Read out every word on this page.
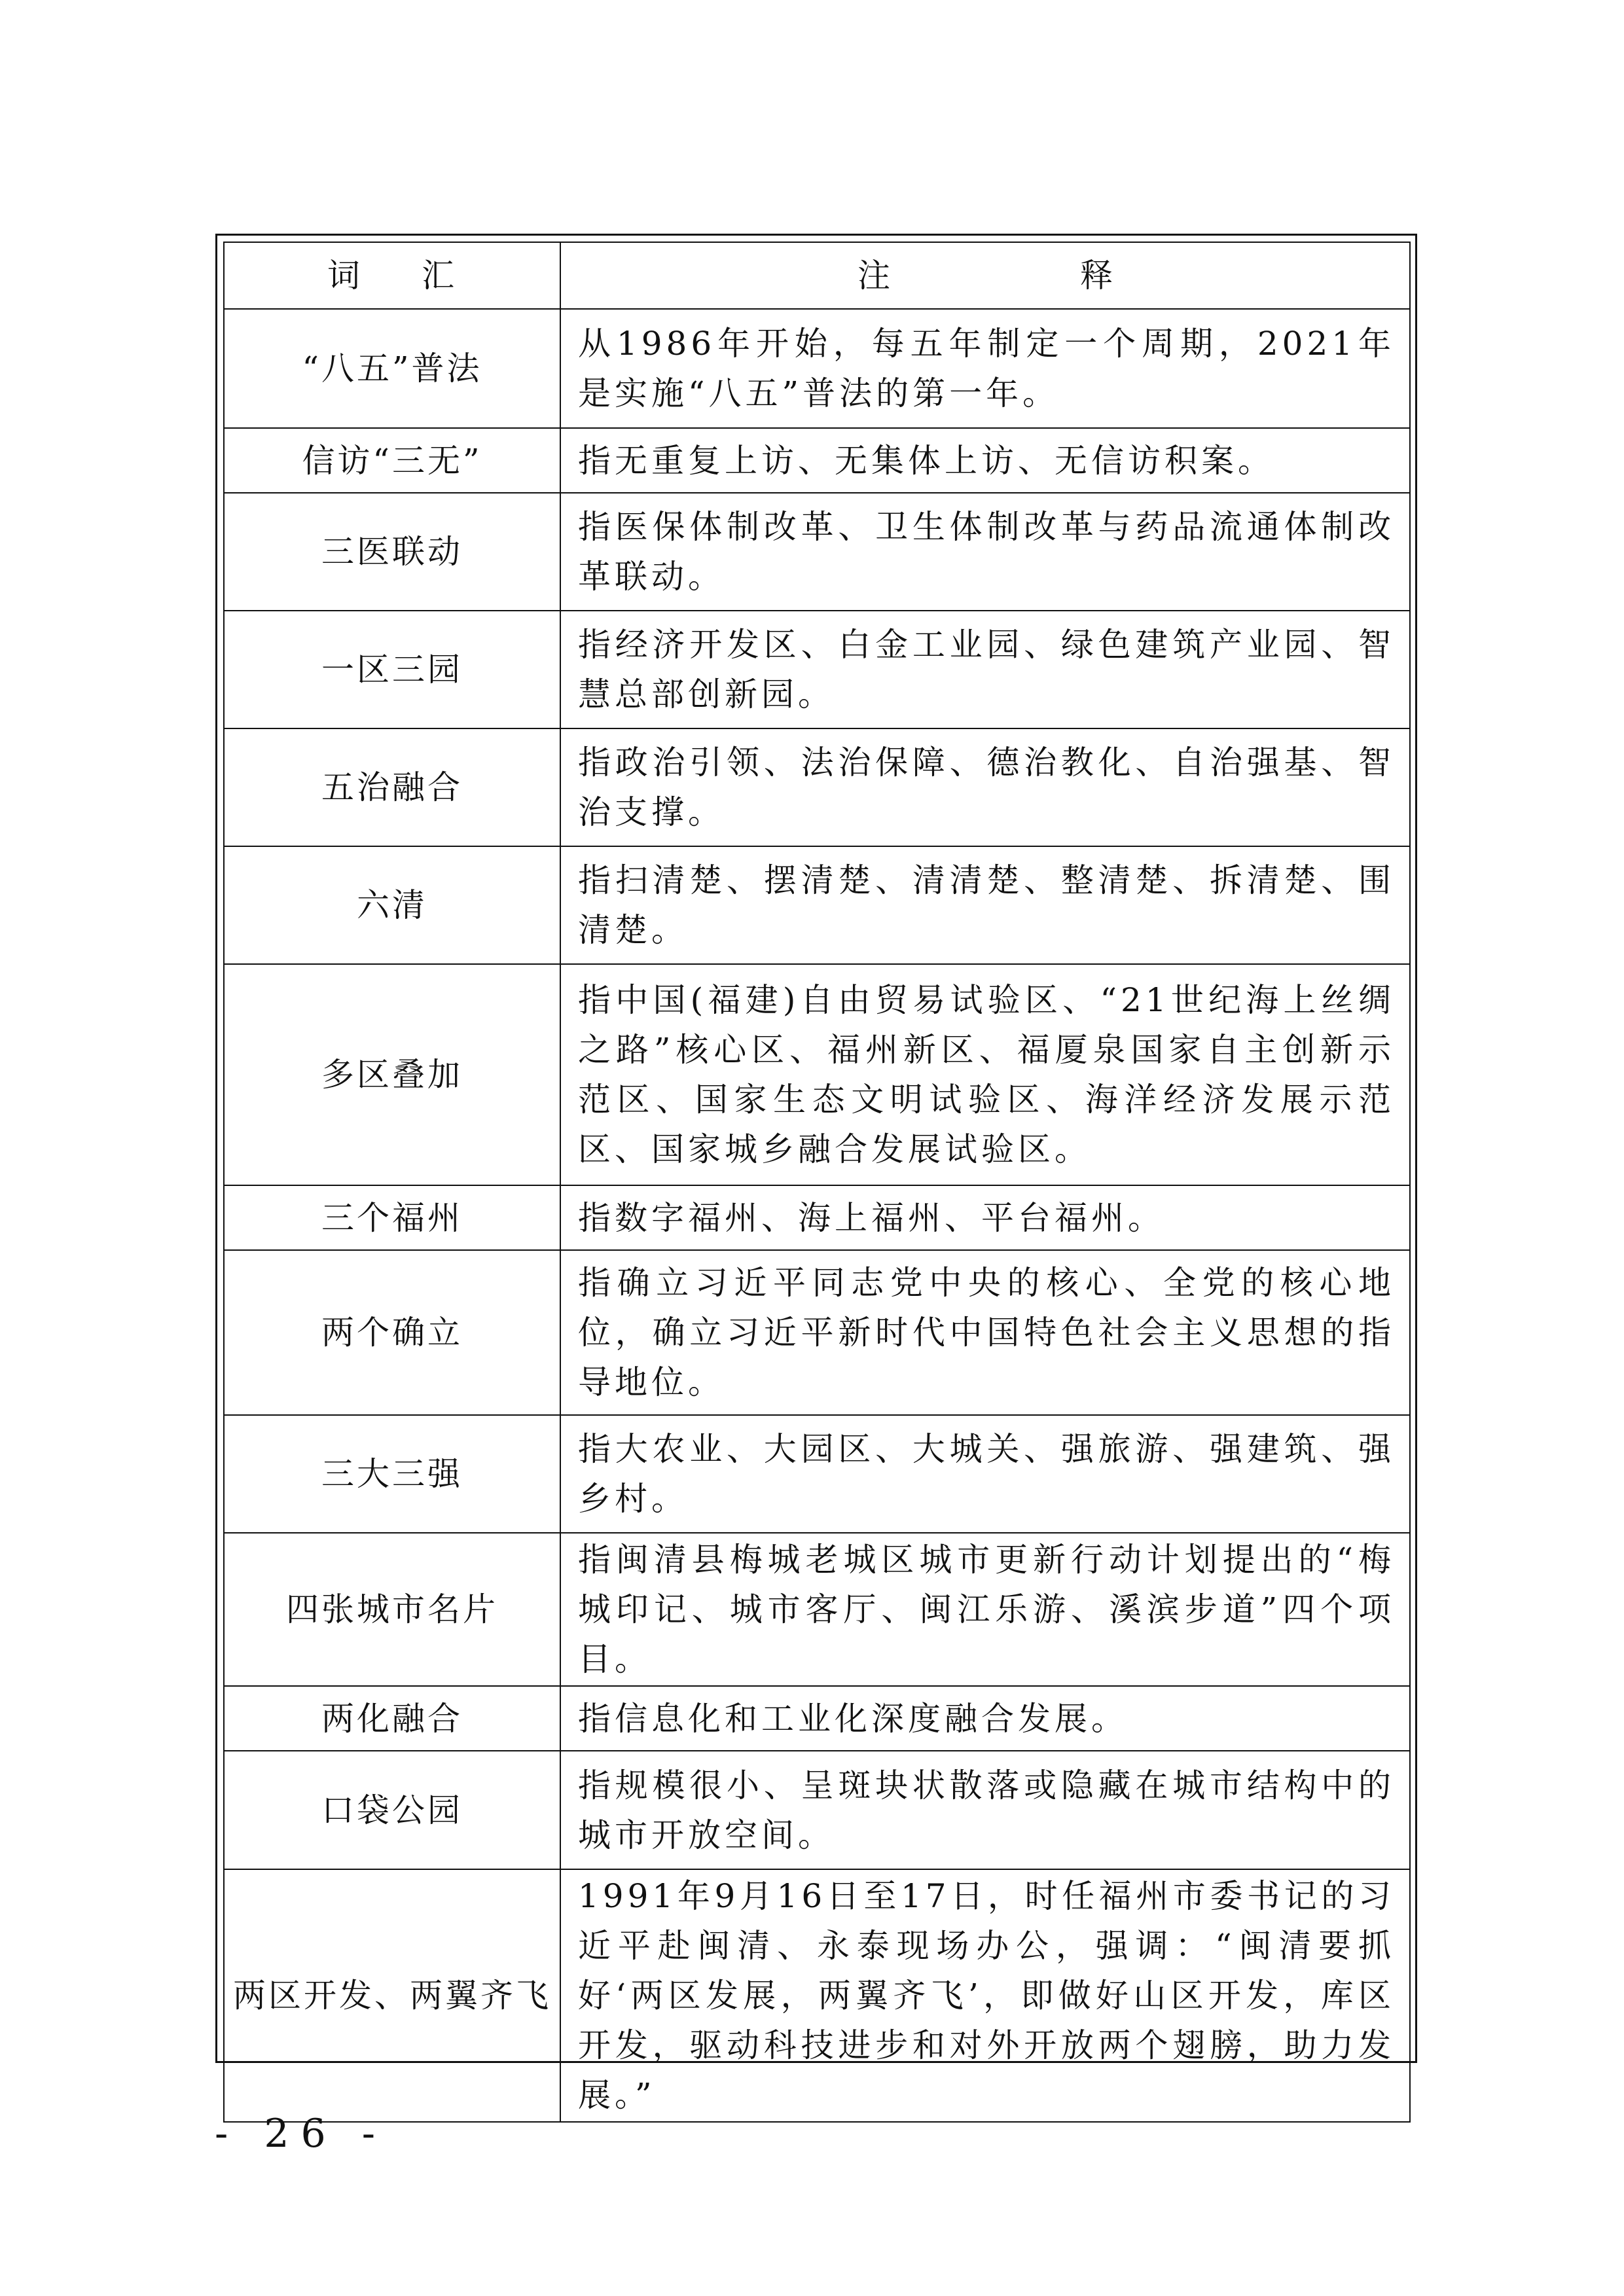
词 汇	注 释
“八五”普法	从1986年开始，每五年制定一个周期，2021年是实施“八五”普法的第一年。
信访“三无”	指无重复上访、无集体上访、无信访积案。
三医联动	指医保体制改革、卫生体制改革与药品流通体制改革联动。
一区三园	指经济开发区、白金工业园、绿色建筑产业园、智慧总部创新园。
五治融合	指政治引领、法治保障、德治教化、自治强基、智治支撑。
六清	指扫清楚、摆清楚、清清楚、整清楚、拆清楚、围清楚。
多区叠加	指中国(福建)自由贸易试验区、“21世纪海上丝绸之路”核心区、福州新区、福厦泉国家自主创新示范区、国家生态文明试验区、海洋经济发展示范区、国家城乡融合发展试验区。
三个福州	指数字福州、海上福州、平台福州。
两个确立	指确立习近平同志党中央的核心、全党的核心地位，确立习近平新时代中国特色社会主义思想的指导地位。
三大三强	指大农业、大园区、大城关、强旅游、强建筑、强乡村。
四张城市名片	指闽清县梅城老城区城市更新行动计划提出的“梅城印记、城市客厅、闽江乐游、溪滨步道”四个项目。
两化融合	指信息化和工业化深度融合发展。
口袋公园	指规模很小、呈斑块状散落或隐藏在城市结构中的城市开放空间。
两区开发、两翼齐飞	1991年9月16日至17日，时任福州市委书记的习近平赴闽清、永泰现场办公，强调：“闽清要抓好‘两区发展，两翼齐飞’，即做好山区开发，库区开发，驱动科技进步和对外开放两个翅膀，助力发展。”
- 26 -
